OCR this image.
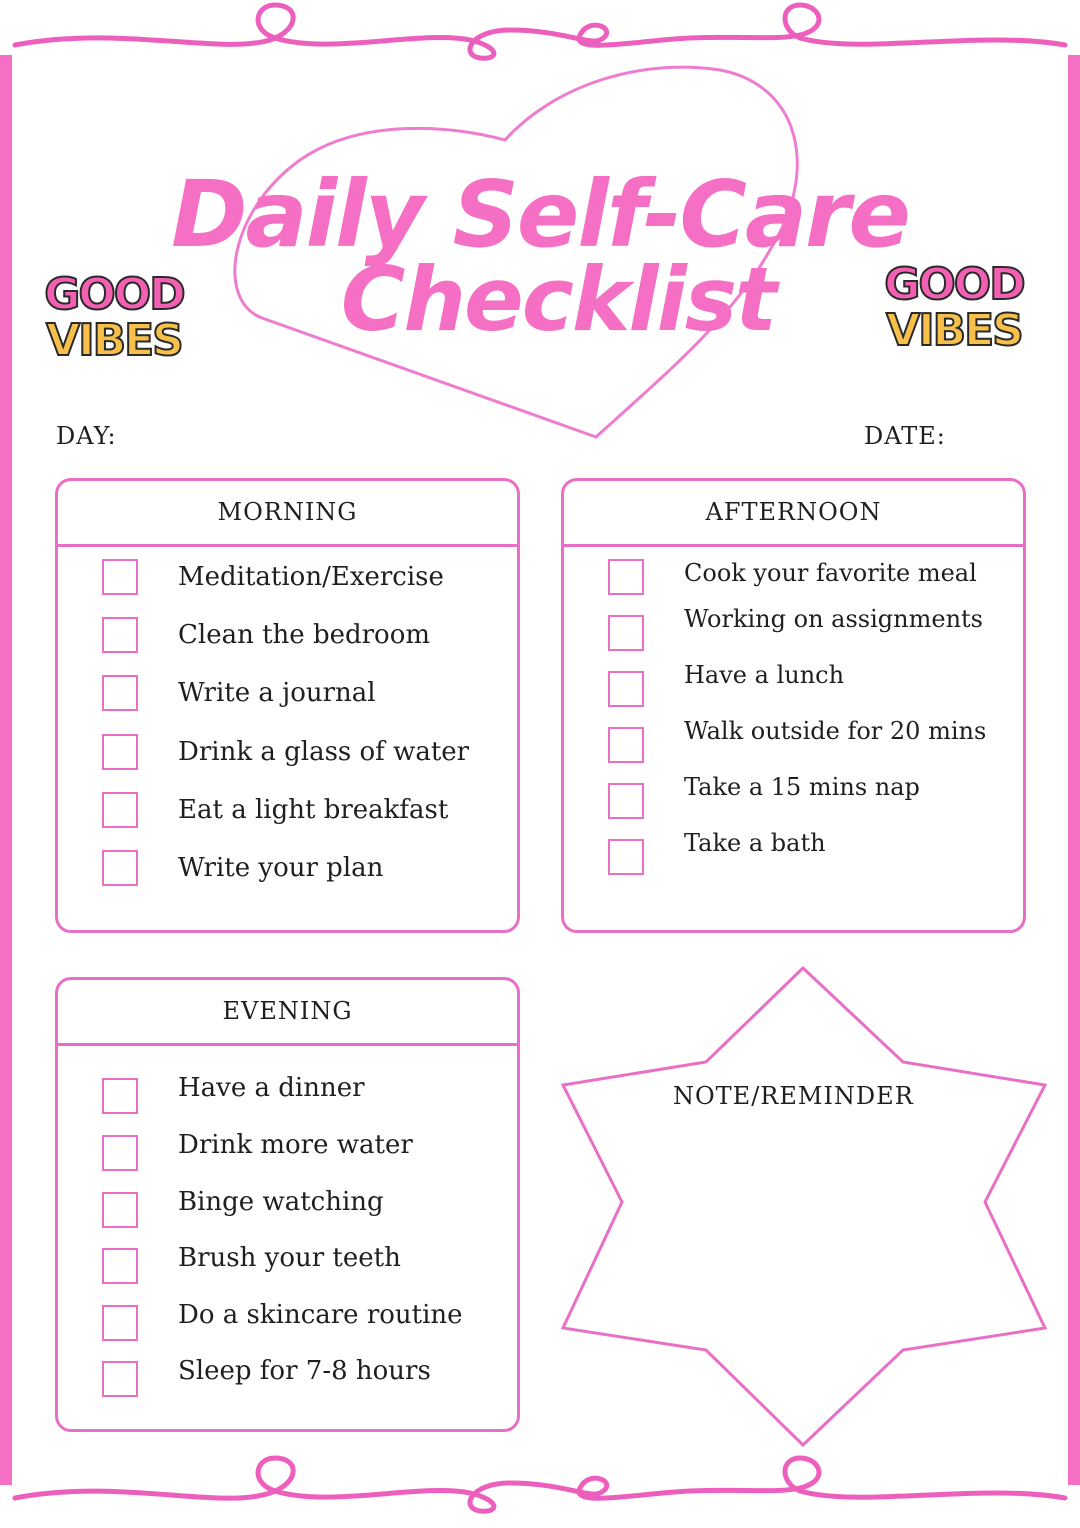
Daily Self-Care
Checklist
GOOD
VIBES
GOOD
VIBES
DAY:	DATE:
MORNING
Meditation/Exercise
Clean the bedroom
Write a journal
Drink a glass of water
Eat a light breakfast
Write your plan
AFTERNOON
Cook your favorite meal
Working on assignments
Have a lunch
Walk outside for 20 mins
Take a 15 mins nap
Take a bath
EVENING
Have a dinner
Drink more water
Binge watching
Brush your teeth
Do a skincare routine
Sleep for 7-8 hours
NOTE/REMINDER
